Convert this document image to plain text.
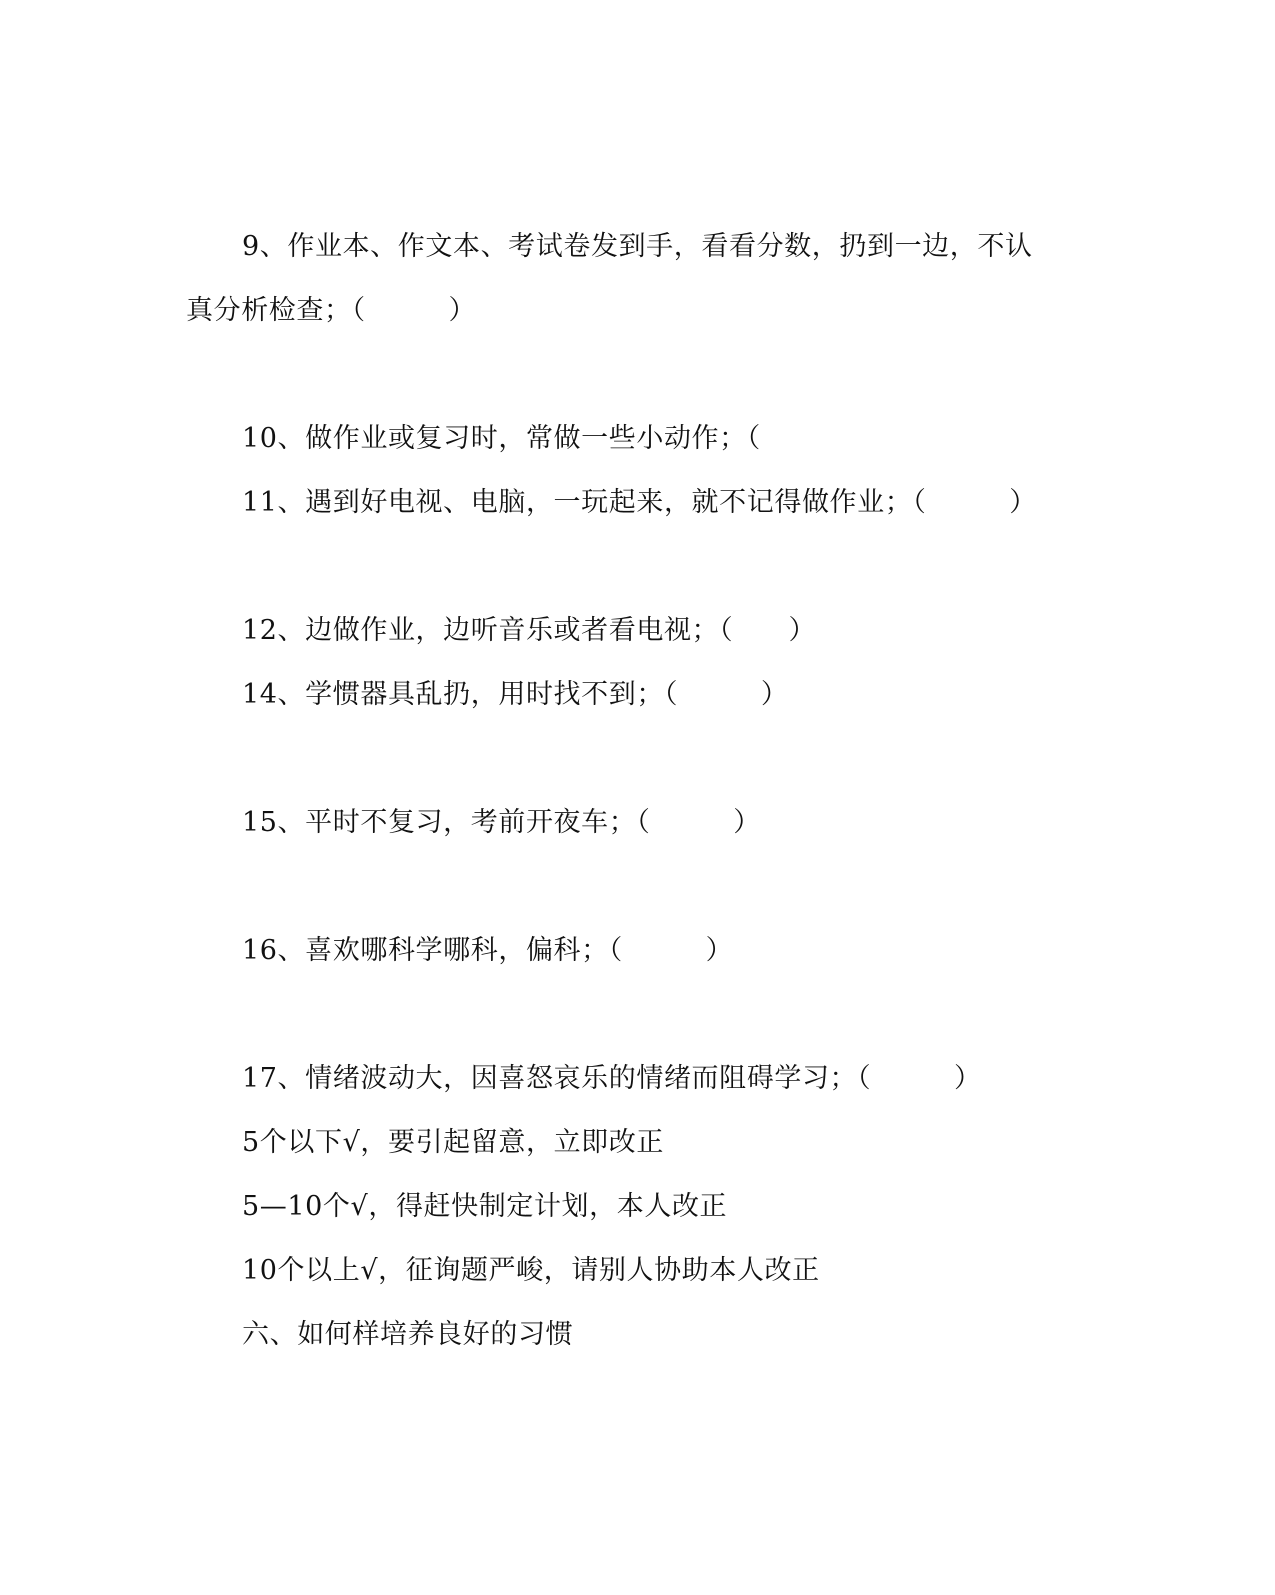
9、作业本、作文本、考试卷发到手，看看分数，扔到一边，不认
真分析检查；（　　　）
10、做作业或复习时，常做一些小动作；（
11、遇到好电视、电脑，一玩起来，就不记得做作业；（　　　）
12、边做作业，边听音乐或者看电视；（　　）
14、学惯器具乱扔，用时找不到；（　　　）
15、平时不复习，考前开夜车；（　　　）
16、喜欢哪科学哪科，偏科；（　　　）
17、情绪波动大，因喜怒哀乐的情绪而阻碍学习；（　　　）
5个以下√，要引起留意，立即改正
5—10个√，得赶快制定计划，本人改正
10个以上√，征询题严峻，请别人协助本人改正
六、如何样培养良好的习惯
